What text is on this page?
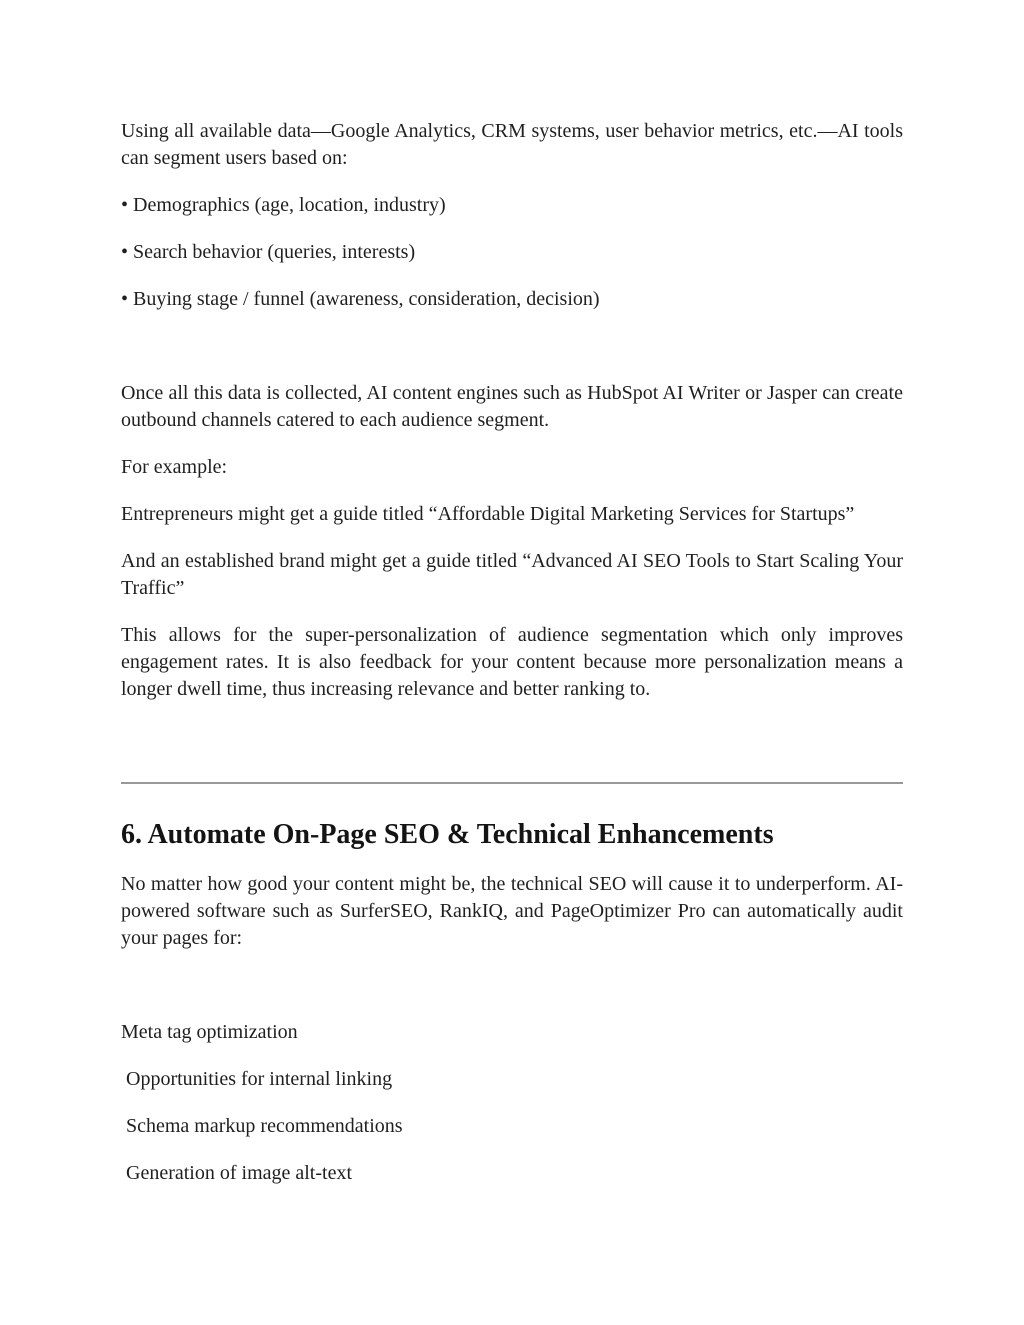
Using all available data—Google Analytics, CRM systems, user behavior metrics, etc.—AI tools can segment users based on:

• Demographics (age, location, industry)

• Search behavior (queries, interests)

• Buying stage / funnel (awareness, consideration, decision)

Once all this data is collected, AI content engines such as HubSpot AI Writer or Jasper can create outbound channels catered to each audience segment.

For example:

Entrepreneurs might get a guide titled “Affordable Digital Marketing Services for Startups”

And an established brand might get a guide titled “Advanced AI SEO Tools to Start Scaling Your Traffic”

This allows for the super-personalization of audience segmentation which only improves engagement rates. It is also feedback for your content because more personalization means a longer dwell time, thus increasing relevance and better ranking to.

6. Automate On-Page SEO & Technical Enhancements

No matter how good your content might be, the technical SEO will cause it to underperform. AI-powered software such as SurferSEO, RankIQ, and PageOptimizer Pro can automatically audit your pages for:

Meta tag optimization

Opportunities for internal linking

Schema markup recommendations

Generation of image alt-text
